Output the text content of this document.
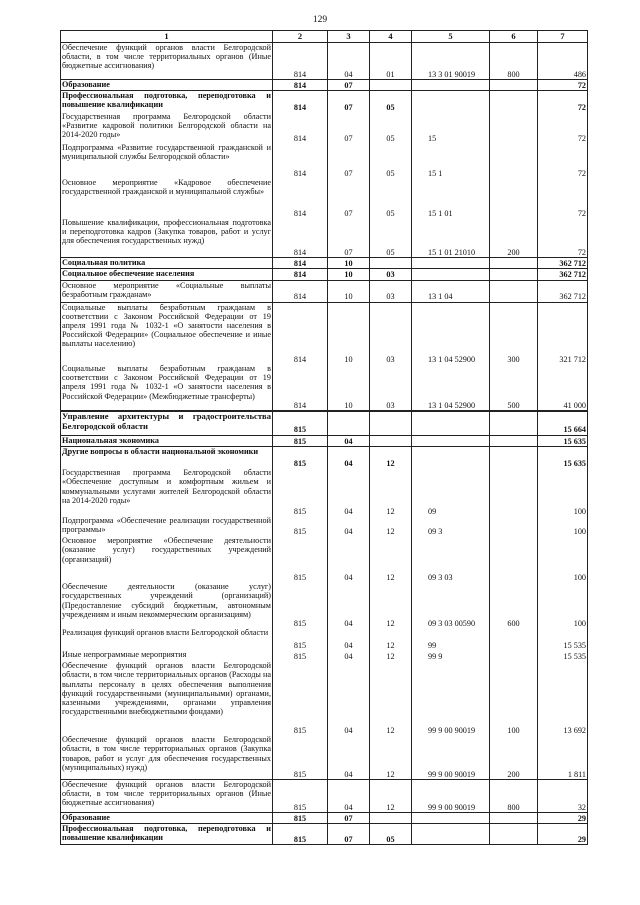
129
1	2	3	4	5	6	7
Обеспечение функций органов власти Белгородской области, в том числе территориальных органов (Иные бюджетные ассигнования)	814	04	01	13 3 01 90019	800	486
Образование	814	07				72
Профессиональная подготовка, переподготовка и повышение квалификации	814	07	05			72
Государственная программа Белгородской области «Развитие кадровой политики Белгородской области на 2014-2020 годы»	814	07	05	15		72
Подпрограмма «Развитие государственной гражданской и муниципальной службы Белгородской области»	814	07	05	15 1		72
Основное мероприятие «Кадровое обеспечение государственной гражданской и муниципальной службы»	814	07	05	15 1 01		72
Повышение квалификации, профессиональная подготовка и переподготовка кадров (Закупка товаров, работ и услуг для обеспечения государственных нужд)	814	07	05	15 1 01 21010	200	72
Социальная политика	814	10				362 712
Социальное обеспечение населения	814	10	03			362 712
Основное мероприятие «Социальные выплаты безработным гражданам»	814	10	03	13 1 04		362 712
Социальные выплаты безработным гражданам в соответствии с Законом Российской Федерации от 19 апреля 1991 года № 1032-1 «О занятости населения в Российской Федерации» (Социальное обеспечение и иные выплаты населению)	814	10	03	13 1 04 52900	300	321 712
Социальные выплаты безработным гражданам в соответствии с Законом Российской Федерации от 19 апреля 1991 года № 1032-1 «О занятости населения в Российской Федерации» (Межбюджетные трансферты)	814	10	03	13 1 04 52900	500	41 000
Управление архитектуры и градостроительства Белгородской области	815					15 664
Национальная экономика	815	04				15 635
Другие вопросы в области национальной экономики	815	04	12			15 635
Государственная программа Белгородской области «Обеспечение доступным и комфортным жильем и коммунальными услугами жителей Белгородской области на 2014-2020 годы»	815	04	12	09		100
Подпрограмма «Обеспечение реализации государственной программы»	815	04	12	09 3		100
Основное мероприятие «Обеспечение деятельности (оказание услуг) государственных учреждений (организаций)	815	04	12	09 3 03		100
Обеспечение деятельности (оказание услуг) государственных учреждений (организаций) (Предоставление субсидий бюджетным, автономным учреждениям и иным некоммерческим организациям)	815	04	12	09 3 03 00590	600	100
Реализация функций органов власти Белгородской области	815	04	12	99		15 535
Иные непрограммные мероприятия	815	04	12	99 9		15 535
Обеспечение функций органов власти Белгородской области, в том числе территориальных органов (Расходы на выплаты персоналу в целях обеспечения выполнения функций государственными (муниципальными) органами, казенными учреждениями, органами управления государственными внебюджетными фондами)	815	04	12	99 9 00 90019	100	13 692
Обеспечение функций органов власти Белгородской области, в том числе территориальных органов (Закупка товаров, работ и услуг для обеспечения государственных (муниципальных) нужд)	815	04	12	99 9 00 90019	200	1 811
Обеспечение функций органов власти Белгородской области, в том числе территориальных органов (Иные бюджетные ассигнования)	815	04	12	99 9 00 90019	800	32
Образование	815	07				29
Профессиональная подготовка, переподготовка и повышение квалификации	815	07	05			29
